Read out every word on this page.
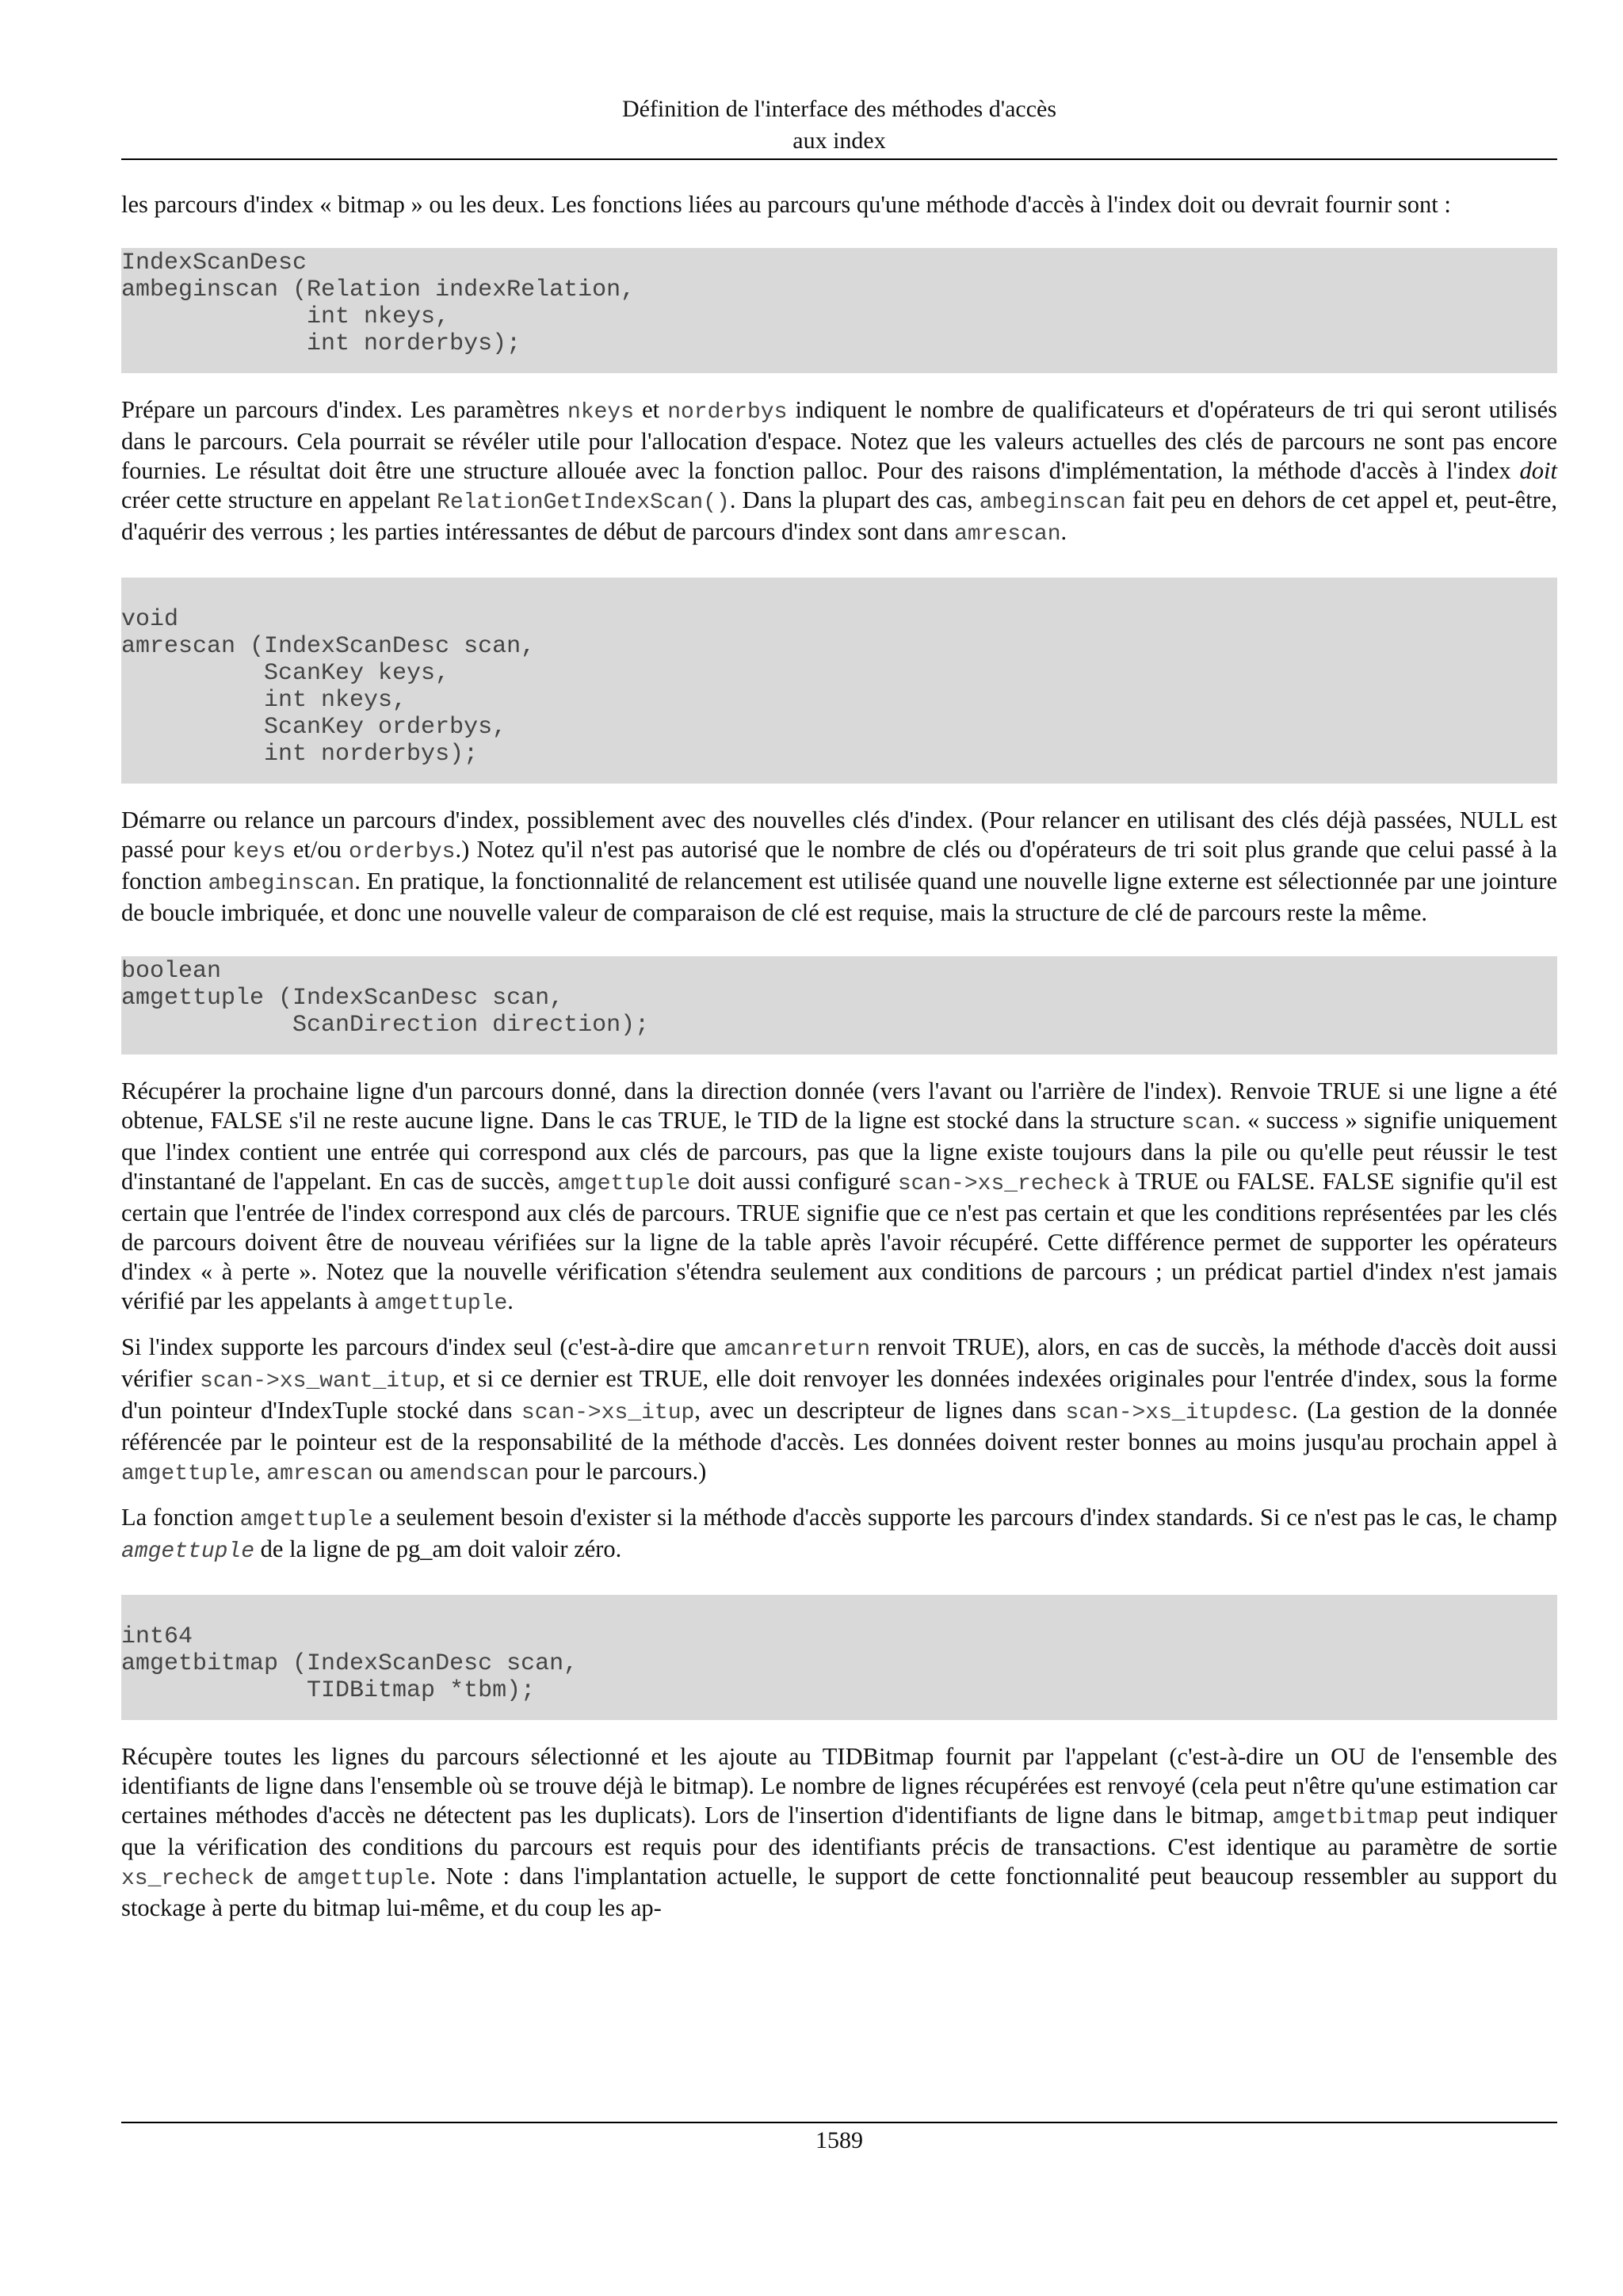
Définition de l'interface des méthodes d'accès
aux index

les parcours d'index « bitmap » ou les deux. Les fonctions liées au parcours qu'une méthode d'accès à l'index doit ou devrait fournir sont :

IndexScanDesc
ambeginscan (Relation indexRelation,
int nkeys,
int norderbys);

Prépare un parcours d'index. Les paramètres nkeys et norderbys indiquent le nombre de qualificateurs et d'opérateurs de tri qui seront utilisés dans le parcours. Cela pourrait se révéler utile pour l'allocation d'espace. Notez que les valeurs actuelles des clés de parcours ne sont pas encore fournies. Le résultat doit être une structure allouée avec la fonction palloc. Pour des raisons d'implémentation, la méthode d'accès à l'index doit créer cette structure en appelant RelationGetIndexScan(). Dans la plupart des cas, ambeginscan fait peu en dehors de cet appel et, peut-être, d'aquérir des verrous ; les parties intéressantes de début de parcours d'index sont dans amrescan.

void
amrescan (IndexScanDesc scan,
ScanKey keys,
int nkeys,
ScanKey orderbys,
int norderbys);

Démarre ou relance un parcours d'index, possiblement avec des nouvelles clés d'index. (Pour relancer en utilisant des clés déjà passées, NULL est passé pour keys et/ou orderbys.) Notez qu'il n'est pas autorisé que le nombre de clés ou d'opérateurs de tri soit plus grande que celui passé à la fonction ambeginscan. En pratique, la fonctionnalité de relancement est utilisée quand une nouvelle ligne externe est sélectionnée par une jointure de boucle imbriquée, et donc une nouvelle valeur de comparaison de clé est requise, mais la structure de clé de parcours reste la même.

boolean
amgettuple (IndexScanDesc scan,
ScanDirection direction);

Récupérer la prochaine ligne d'un parcours donné, dans la direction donnée (vers l'avant ou l'arrière de l'index). Renvoie TRUE si une ligne a été obtenue, FALSE s'il ne reste aucune ligne. Dans le cas TRUE, le TID de la ligne est stocké dans la structure scan. « success » signifie uniquement que l'index contient une entrée qui correspond aux clés de parcours, pas que la ligne existe toujours dans la pile ou qu'elle peut réussir le test d'instantané de l'appelant. En cas de succès, amgettuple doit aussi configuré scan->xs_recheck à TRUE ou FALSE. FALSE signifie qu'il est certain que l'entrée de l'index correspond aux clés de parcours. TRUE signifie que ce n'est pas certain et que les conditions représentées par les clés de parcours doivent être de nouveau vérifiées sur la ligne de la table après l'avoir récupéré. Cette différence permet de supporter les opérateurs d'index « à perte ». Notez que la nouvelle vérification s'étendra seulement aux conditions de parcours ; un prédicat partiel d'index n'est jamais vérifié par les appelants à amgettuple.

Si l'index supporte les parcours d'index seul (c'est-à-dire que amcanreturn renvoit TRUE), alors, en cas de succès, la méthode d'accès doit aussi vérifier scan->xs_want_itup, et si ce dernier est TRUE, elle doit renvoyer les données indexées originales pour l'entrée d'index, sous la forme d'un pointeur d'IndexTuple stocké dans scan->xs_itup, avec un descripteur de lignes dans scan->xs_itupdesc. (La gestion de la donnée référencée par le pointeur est de la responsabilité de la méthode d'accès. Les données doivent rester bonnes au moins jusqu'au prochain appel à amgettuple, amrescan ou amendscan pour le parcours.)

La fonction amgettuple a seulement besoin d'exister si la méthode d'accès supporte les parcours d'index standards. Si ce n'est pas le cas, le champ amgettuple de la ligne de pg_am doit valoir zéro.

int64
amgetbitmap (IndexScanDesc scan,
TIDBitmap *tbm);

Récupère toutes les lignes du parcours sélectionné et les ajoute au TIDBitmap fournit par l'appelant (c'est-à-dire un OU de l'ensemble des identifiants de ligne dans l'ensemble où se trouve déjà le bitmap). Le nombre de lignes récupérées est renvoyé (cela peut n'être qu'une estimation car certaines méthodes d'accès ne détectent pas les duplicats). Lors de l'insertion d'identifiants de ligne dans le bitmap, amgetbitmap peut indiquer que la vérification des conditions du parcours est requis pour des identifiants précis de transactions. C'est identique au paramètre de sortie xs_recheck de amgettuple. Note : dans l'implantation actuelle, le support de cette fonctionnalité peut beaucoup ressembler au support du stockage à perte du bitmap lui-même, et du coup les ap-

1589
